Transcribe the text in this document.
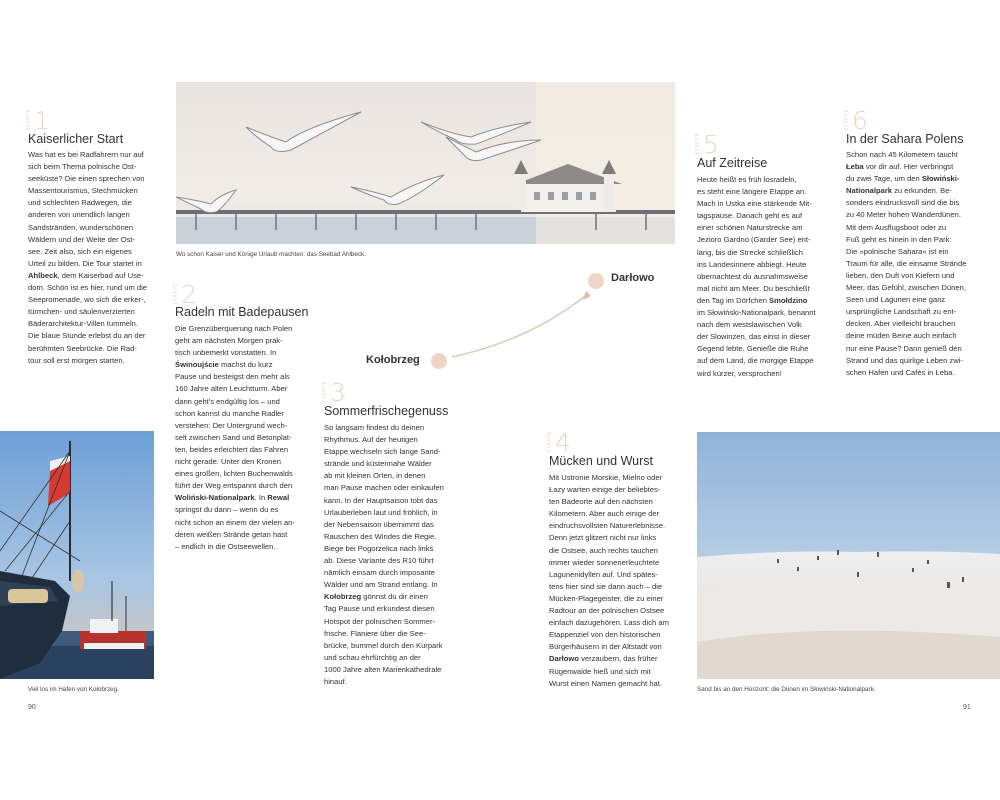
Wo schon Kaiser und Könige Urlaub machten: das Seebad Ahlbeck.
Viel los im Hafen von Kołobrzeg.	Sand bis an den Horizont: die Dünen im Słowiński-Nationalpark.
Kołobrzeg
Darłowo
ETAPPE 1
Kaiserlicher Start
Was hat es bei Radfahrern nur auf
sich beim Thema polnische Ost-
seeküste? Die einen sprechen von
Massentourismus, Stechmücken
und schlechten Radwegen, die
anderen von unendlich langen
Sandstränden, wunderschönen
Wäldern und der Weite der Ost-
see. Zeit also, sich ein eigenes
Urteil zu bilden. Die Tour startet in
Ahlbeck, dem Kaiserbad auf Use-
dom. Schön ist es hier, rund um die
Seepromenade, wo sich die erker-,
türmchen- und säulenverzierten
Bäderarchitektur-Villen tummeln.
Die blaue Stunde erlebst du an der
berühmten Seebrücke. Die Rad-
tour soll erst morgen starten.
ETAPPE 2
Radeln mit Badepausen
Die Grenzüberquerung nach Polen
geht am nächsten Morgen prak-
tisch unbemerkt vonstatten. In
Świnoujście machst du kurz
Pause und besteigst den mehr als
160 Jahre alten Leuchtturm. Aber
dann geht's endgültig los – und
schon kannst du manche Radler
verstehen: Der Untergrund wech-
selt zwischen Sand und Betonplat-
ten, beides erleichtert das Fahren
nicht gerade. Unter den Kronen
eines großen, lichten Buchenwalds
führt der Weg entspannt durch den
Woliński-Nationalpark. In Rewal
springst du dann – wenn du es
nicht schon an einem der vielen an-
deren weißen Strände getan hast
– endlich in die Ostseewellen.
ETAPPE 3
Sommerfrischegenuss
So langsam findest du deinen
Rhythmus. Auf der heutigen
Etappe wechseln sich lange Sand-
strände und küstennahe Wälder
ab mit kleinen Orten, in denen
man Pause machen oder einkaufen
kann. In der Hauptsaison tobt das
Urlauberleben laut und fröhlich, in
der Nebensaison übernimmt das
Rauschen des Windes die Regie.
Biege bei Pogorzelica nach links
ab. Diese Variante des R10 führt
nämlich einsam durch imposante
Wälder und am Strand entlang. In
Kołobrzeg gönnst du dir einen
Tag Pause und erkundest diesen
Hotspot der polnischen Sommer-
frische. Flaniere über die See-
brücke, bummel durch den Kurpark
und schau ehrfürchtig an der
1000 Jahre alten Marienkathedrale
hinauf.
ETAPPE 4
Mücken und Wurst
Mit Ustronie Morskie, Mielno oder
Łazy warten einige der beliebtes-
ten Badeorte auf den nächsten
Kilometern. Aber auch einige der
eindruchsvollsten Naturerlebnisse.
Denn jetzt glitzert nicht nur links
die Ostsee, auch rechts tauchen
immer wieder sonnenerleuchtete
Lagunenidyllen auf. Und spätes-
tens hier sind sie dann auch – die
Mücken-Plagegeister, die zu einer
Radtour an der polnischen Ostsee
einfach dazugehören. Lass dich am
Etappenziel von den historischen
Bürgerhäusern in der Altstadt von
Darłowo verzaubern, das früher
Rügenwalde hieß und sich mit
Wurst einen Namen gemacht hat.
ETAPPE 5
Auf Zeitreise
Heute heißt es früh losradeln,
es steht eine längere Etappe an.
Mach in Ustka eine stärkende Mit-
tagspause. Danach geht es auf
einer schönen Naturstrecke am
Jezioro Gardno (Garder See) ent-
lang, bis die Strecke schließlich
ins Landesinnere abbiegt. Heute
übernachtest du ausnahmsweise
mal nicht am Meer. Du beschließt
den Tag im Dörfchen Smołdzino
im Słowiński-Nationalpark, benannt
nach dem westslawischen Volk
der Slowinzen, das einst in dieser
Gegend lebte. Genieße die Ruhe
auf dem Land, die morgige Etappe
wird kürzer, versprochen!
ETAPPE 6
In der Sahara Polens
Schon nach 45 Kilometern taucht
Łeba vor dir auf. Hier verbringst
du zwei Tage, um den Słowiński-
Nationalpark zu erkunden. Be-
sonders eindrucksvoll sind die bis
zu 40 Meter hohen Wanderdünen.
Mit dem Ausflugsboot oder zu
Fuß geht es hinein in den Park:
Die »polnische Sahara« ist ein
Traum für alle, die einsame Strände
lieben, den Duft von Kiefern und
Meer, das Gefühl, zwischen Dünen,
Seen und Lagunen eine ganz
ursprüngliche Landschaft zu ent-
decken. Aber vielleicht brauchen
deine müden Beine auch einfach
nur eine Pause? Dann genieß den
Strand und das quirlige Leben zwi-
schen Hafen und Cafés in Łeba.
90	91
